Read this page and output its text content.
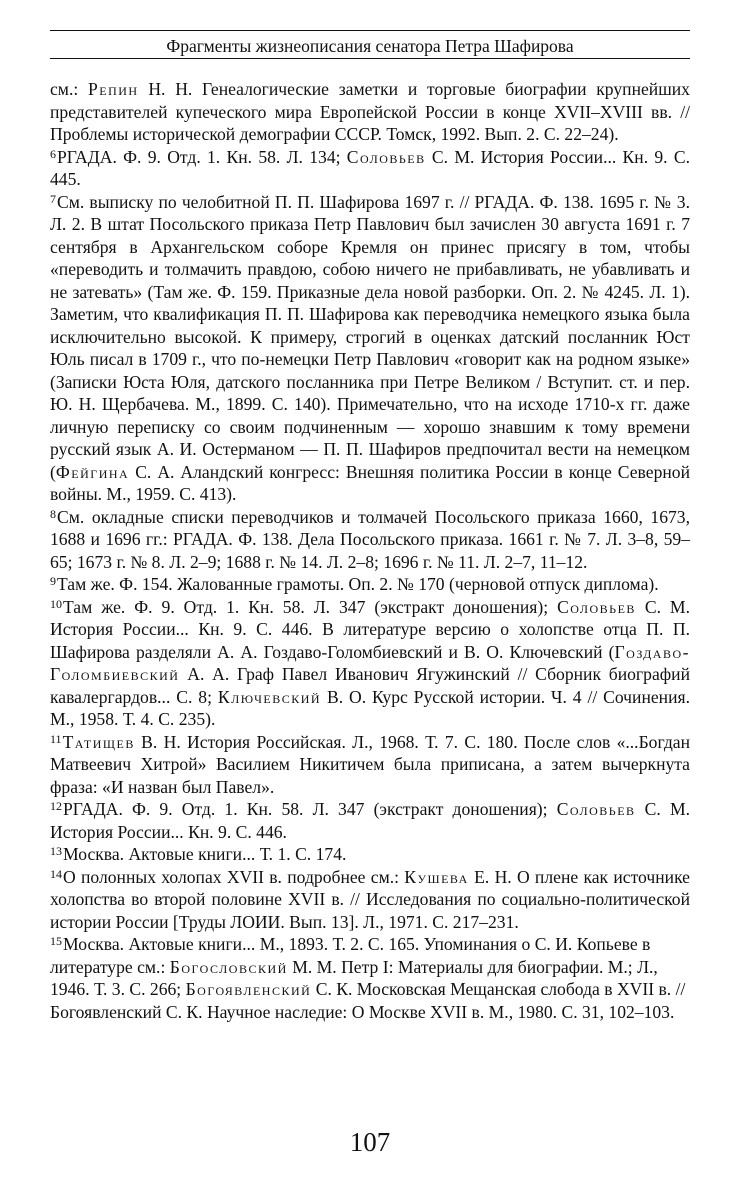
Фрагменты жизнеописания сенатора Петра Шафирова

см.: Репин Н. Н. Генеалогические заметки и торговые биографии крупнейших представителей купеческого мира Европейской России в конце XVII–XVIII вв. // Проблемы исторической демографии СССР. Томск, 1992. Вып. 2. С. 22–24).

$^6$РГАДА. Ф. 9. Отд. 1. Кн. 58. Л. 134; Соловьев С. М. История России... Кн. 9. С. 445.

$^7$См. выписку по челобитной П. П. Шафирова 1697 г. // РГАДА. Ф. 138. 1695 г. № 3. Л. 2. В штат Посольского приказа Петр Павлович был зачислен 30 августа 1691 г. 7 сентября в Архангельском соборе Кремля он принес присягу в том, чтобы «переводить и толмачить правдою, собою ничего не прибавливать, не убавливать и не затевать» (Там же. Ф. 159. Приказные дела новой разборки. Оп. 2. № 4245. Л. 1). Заметим, что квалификация П. П. Шафирова как переводчика немецкого языка была исключительно высокой. К примеру, строгий в оценках датский посланник Юст Юль писал в 1709 г., что по-немецки Петр Павлович «говорит как на родном языке» (Записки Юста Юля, датского посланника при Петре Великом / Вступит. ст. и пер. Ю. Н. Щербачева. М., 1899. С. 140). Примечательно, что на исходе 1710-х гг. даже личную переписку со своим подчиненным — хорошо знавшим к тому времени русский язык А. И. Остерманом — П. П. Шафиров предпочитал вести на немецком (Фейгина С. А. Аландский конгресс: Внешняя политика России в конце Северной войны. М., 1959. С. 413).

$^8$См. окладные списки переводчиков и толмачей Посольского приказа 1660, 1673, 1688 и 1696 гг.: РГАДА. Ф. 138. Дела Посольского приказа. 1661 г. № 7. Л. 3–8, 59–65; 1673 г. № 8. Л. 2–9; 1688 г. № 14. Л. 2–8; 1696 г. № 11. Л. 2–7, 11–12.

$^9$Там же. Ф. 154. Жалованные грамоты. Оп. 2. № 170 (черновой отпуск диплома).

$^{10}$Там же. Ф. 9. Отд. 1. Кн. 58. Л. 347 (экстракт доношения); Соловьев С. М. История России... Кн. 9. С. 446. В литературе версию о холопстве отца П. П. Шафирова разделяли А. А. Гоздаво-Голомбиевский и В. О. Ключевский (Гоздаво-Голомбиевский А. А. Граф Павел Иванович Ягужинский // Сборник биографий кавалергардов... С. 8; Ключевский В. О. Курс Русской истории. Ч. 4 // Сочинения. М., 1958. Т. 4. С. 235).

$^{11}$Татищев В. Н. История Российская. Л., 1968. Т. 7. С. 180. После слов «...Богдан Матвеевич Хитрой» Василием Никитичем была приписана, а затем вычеркнута фраза: «И назван был Павел».

$^{12}$РГАДА. Ф. 9. Отд. 1. Кн. 58. Л. 347 (экстракт доношения); Соловьев С. М. История России... Кн. 9. С. 446.

$^{13}$Москва. Актовые книги... Т. 1. С. 174.

$^{14}$О полонных холопах XVII в. подробнее см.: Кушева Е. Н. О плене как источнике холопства во второй половине XVII в. // Исследования по социально-политической истории России [Труды ЛОИИ. Вып. 13]. Л., 1971. С. 217–231.

$^{15}$Москва. Актовые книги... М., 1893. Т. 2. С. 165. Упоминания о С. И. Копьеве в литературе см.: Богословский М. М. Петр I: Материалы для биографии. М.; Л., 1946. Т. 3. С. 266; Богоявленский С. К. Московская Мещанская слобода в XVII в. // Богоявленский С. К. Научное наследие: О Москве XVII в. М., 1980. С. 31, 102–103.

107
